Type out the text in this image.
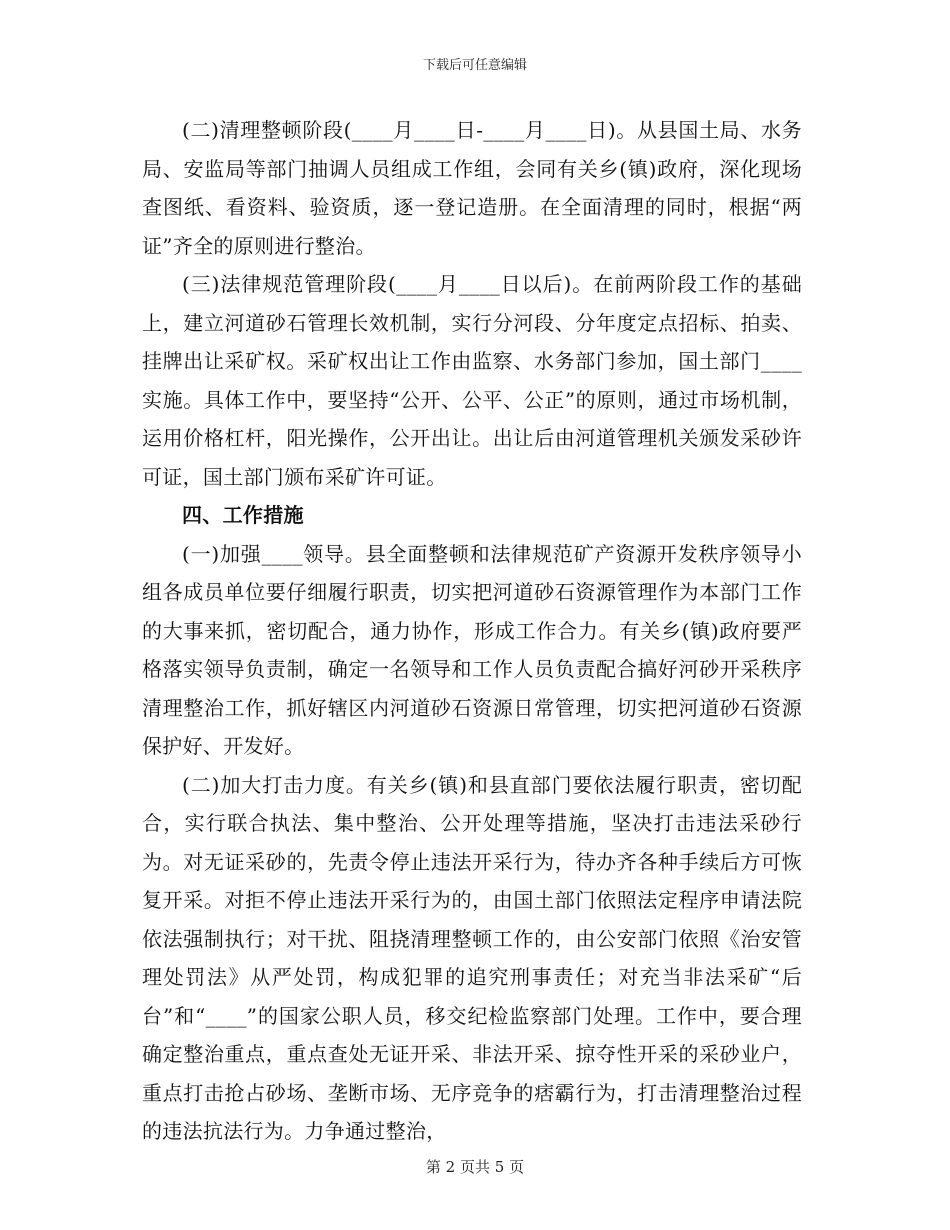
下载后可任意编辑

(二)清理整顿阶段(____月____日-____月____日)。从县国土局、水务局、安监局等部门抽调人员组成工作组，会同有关乡(镇)政府，深化现场查图纸、看资料、验资质，逐一登记造册。在全面清理的同时，根据“两证”齐全的原则进行整治。

(三)法律规范管理阶段(____月____日以后)。在前两阶段工作的基础上，建立河道砂石管理长效机制，实行分河段、分年度定点招标、拍卖、挂牌出让采矿权。采矿权出让工作由监察、水务部门参加，国土部门____实施。具体工作中，要坚持“公开、公平、公正”的原则，通过市场机制，运用价格杠杆，阳光操作，公开出让。出让后由河道管理机关颁发采砂许可证，国土部门颁布采矿许可证。

四、工作措施

(一)加强____领导。县全面整顿和法律规范矿产资源开发秩序领导小组各成员单位要仔细履行职责，切实把河道砂石资源管理作为本部门工作的大事来抓，密切配合，通力协作，形成工作合力。有关乡(镇)政府要严格落实领导负责制，确定一名领导和工作人员负责配合搞好河砂开采秩序清理整治工作，抓好辖区内河道砂石资源日常管理，切实把河道砂石资源保护好、开发好。

(二)加大打击力度。有关乡(镇)和县直部门要依法履行职责，密切配合，实行联合执法、集中整治、公开处理等措施，坚决打击违法采砂行为。对无证采砂的，先责令停止违法开采行为，待办齐各种手续后方可恢复开采。对拒不停止违法开采行为的，由国土部门依照法定程序申请法院依法强制执行；对干扰、阻挠清理整顿工作的，由公安部门依照《治安管理处罚法》从严处罚，构成犯罪的追究刑事责任；对充当非法采矿“后台”和“____”的国家公职人员，移交纪检监察部门处理。工作中，要合理确定整治重点，重点查处无证开采、非法开采、掠夺性开采的采砂业户，重点打击抢占砂场、垄断市场、无序竞争的痞霸行为，打击清理整治过程的违法抗法行为。力争通过整治，

第 2 页共 5 页
